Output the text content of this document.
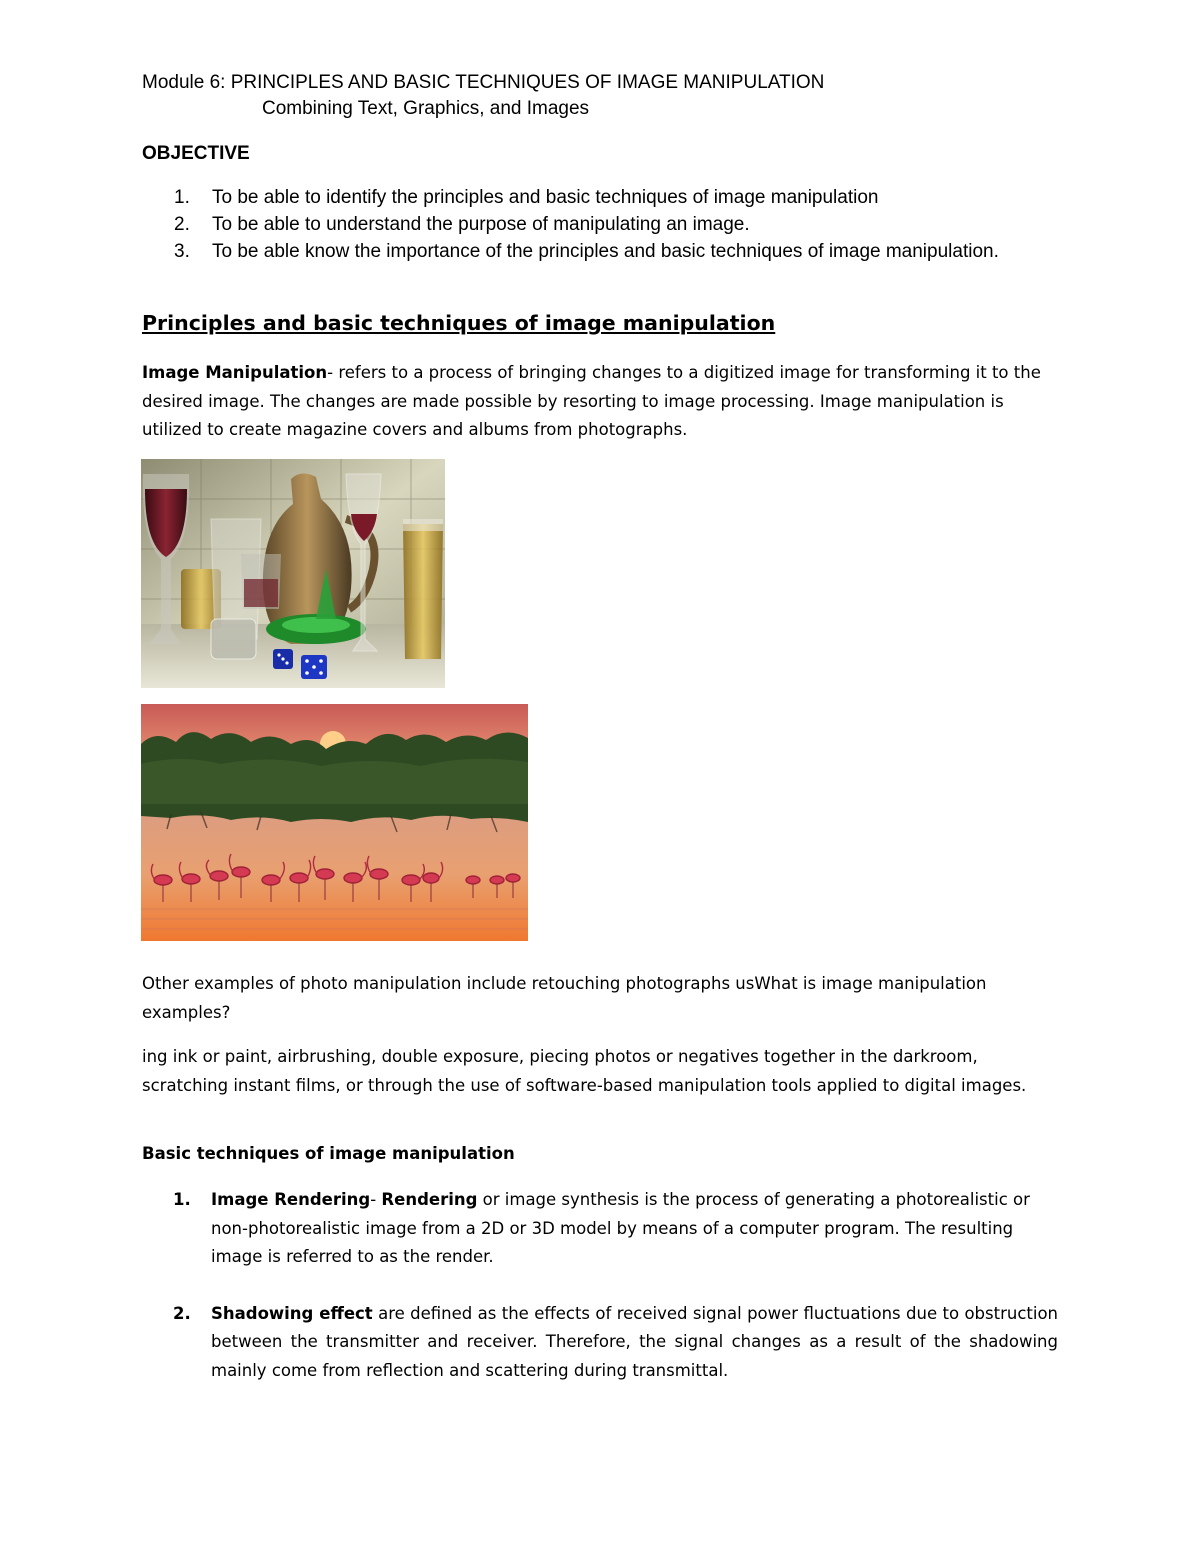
Module 6: PRINCIPLES AND BASIC TECHNIQUES OF IMAGE MANIPULATION
Combining Text, Graphics, and Images
OBJECTIVE
1. To be able to identify the principles and basic techniques of image manipulation
2. To be able to understand the purpose of manipulating an image.
3. To be able know the importance of the principles and basic techniques of image manipulation.
Principles and basic techniques of image manipulation

Image Manipulation- refers to a process of bringing changes to a digitized image for transforming it to the desired image. The changes are made possible by resorting to image processing. Image manipulation is utilized to create magazine covers and albums from photographs.

Other examples of photo manipulation include retouching photographs usWhat is image manipulation examples?

ing ink or paint, airbrushing, double exposure, piecing photos or negatives together in the darkroom, scratching instant films, or through the use of software-based manipulation tools applied to digital images.

Basic techniques of image manipulation
1. Image Rendering- Rendering or image synthesis is the process of generating a photorealistic or non-photorealistic image from a 2D or 3D model by means of a computer program. The resulting image is referred to as the render.
2. Shadowing effect are defined as the effects of received signal power fluctuations due to obstruction between the transmitter and receiver. Therefore, the signal changes as a result of the shadowing mainly come from reflection and scattering during transmittal.
